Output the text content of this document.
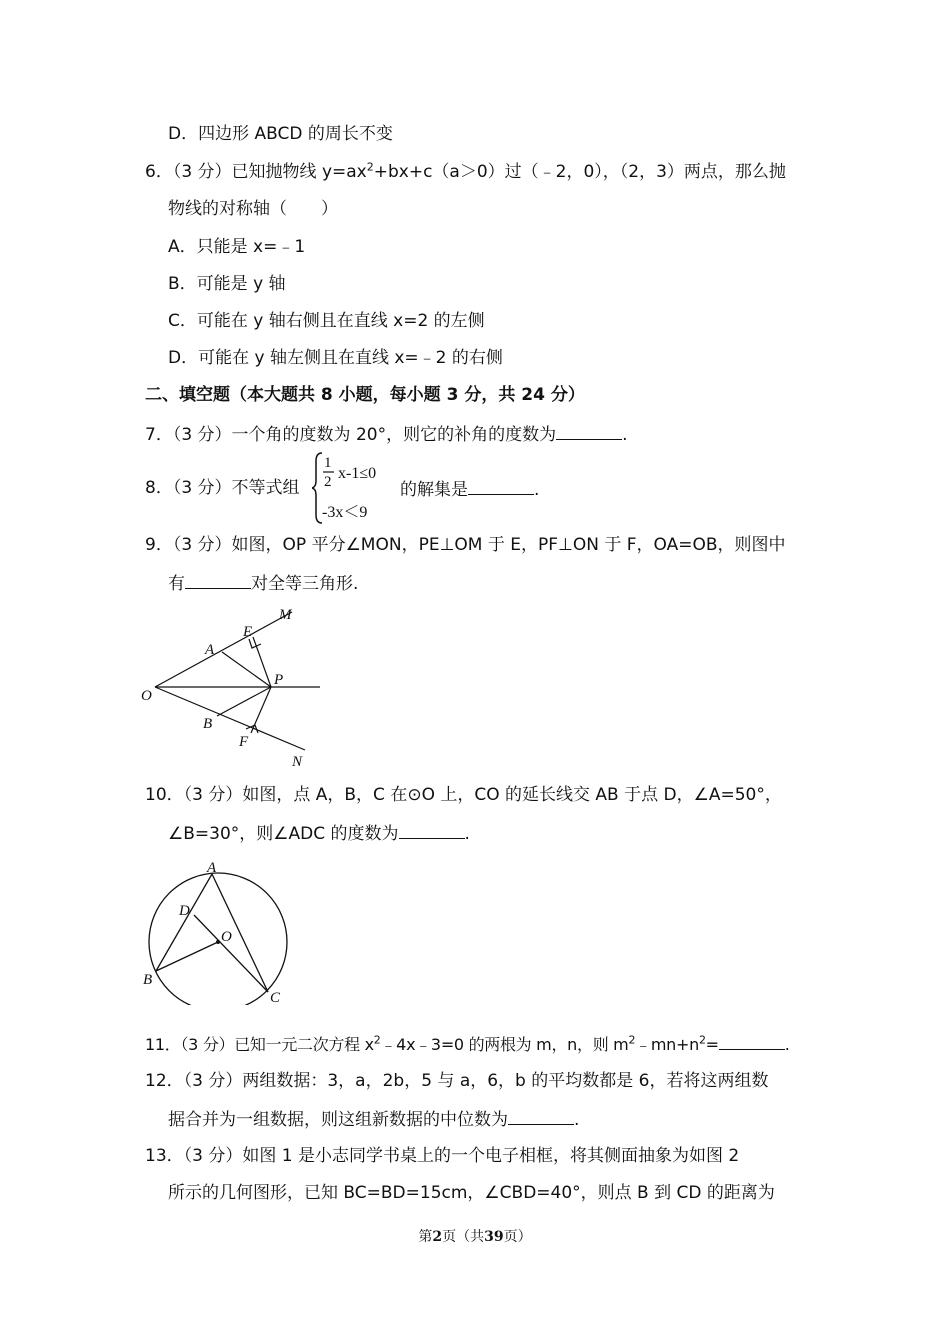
D．四边形 ABCD 的周长不变
6．（3 分）已知抛物线 $y=ax^2+bx+c(a>0)$过（﹣2，0），（2，3）两点，那么抛
物线的对称轴（　　）
A．只能是 x=﹣1
B．可能是 y 轴
C．可能在 y 轴右侧且在直线 x=2 的左侧
D．可能在 y 轴左侧且在直线 x=﹣2 的右侧
二、填空题（本大题共 8 小题，每小题 3 分，共 24 分）
7．（3 分）一个角的度数为 20°，则它的补角的度数为	.
8．（3 分）不等式组
1
2 x-1≤0
-3x＜9
的解集是	.
9．（3 分）如图，OP 平分∠MON，PE⊥OM 于 E，PF⊥ON 于 F，OA=OB，则图中
有	对全等三角形.
O
A
E
M
P
B
F
N
10．（3 分）如图，点 A，B，C 在⊙O 上，CO 的延长线交 AB 于点 D，∠A=50°，
∠B=30°，则∠ADC 的度数为	.
A
D
O
B
C
11．（3 分）已知一元二次方程 $x^2﹣4x﹣3=0$ 的两根为 m，n，则 $m^2﹣mn+n^2=$	.
12．（3 分）两组数据：3，a，2b，5 与 a，6，b 的平均数都是 6，若将这两组数
据合并为一组数据，则这组新数据的中位数为	.
13．（3 分）如图 1 是小志同学书桌上的一个电子相框，将其侧面抽象为如图 2
所示的几何图形，已知 BC=BD=15cm，∠CBD=40°，则点 B 到 CD 的距离为
第2页（共39页）
